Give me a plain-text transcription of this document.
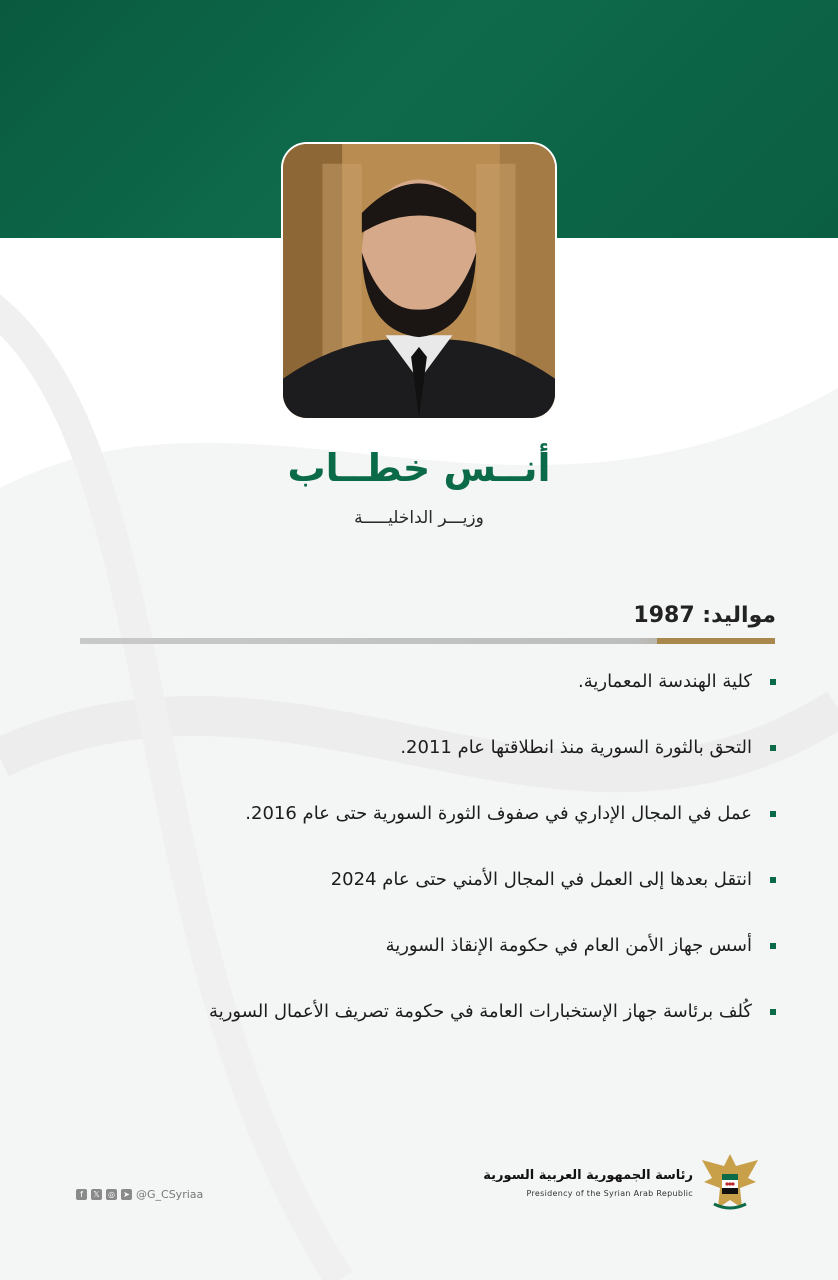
أنــس خطــاب
وزيـــر الداخليـــــة
مواليد: 1987
كلية الهندسة المعمارية.
التحق بالثورة السورية منذ انطلاقتها عام 2011.
عمل في المجال الإداري في صفوف الثورة السورية حتى عام 2016.
انتقل بعدها إلى العمل في المجال الأمني حتى عام 2024
أسس جهاز الأمن العام في حكومة الإنقاذ السورية
كُلف برئاسة جهاز الإستخبارات العامة في حكومة تصريف الأعمال السورية
f	𝕏 ◎ ➤ @G_CSyriaa
رئاسة الجمهورية العربية السورية
Presidency of the Syrian Arab Republic
